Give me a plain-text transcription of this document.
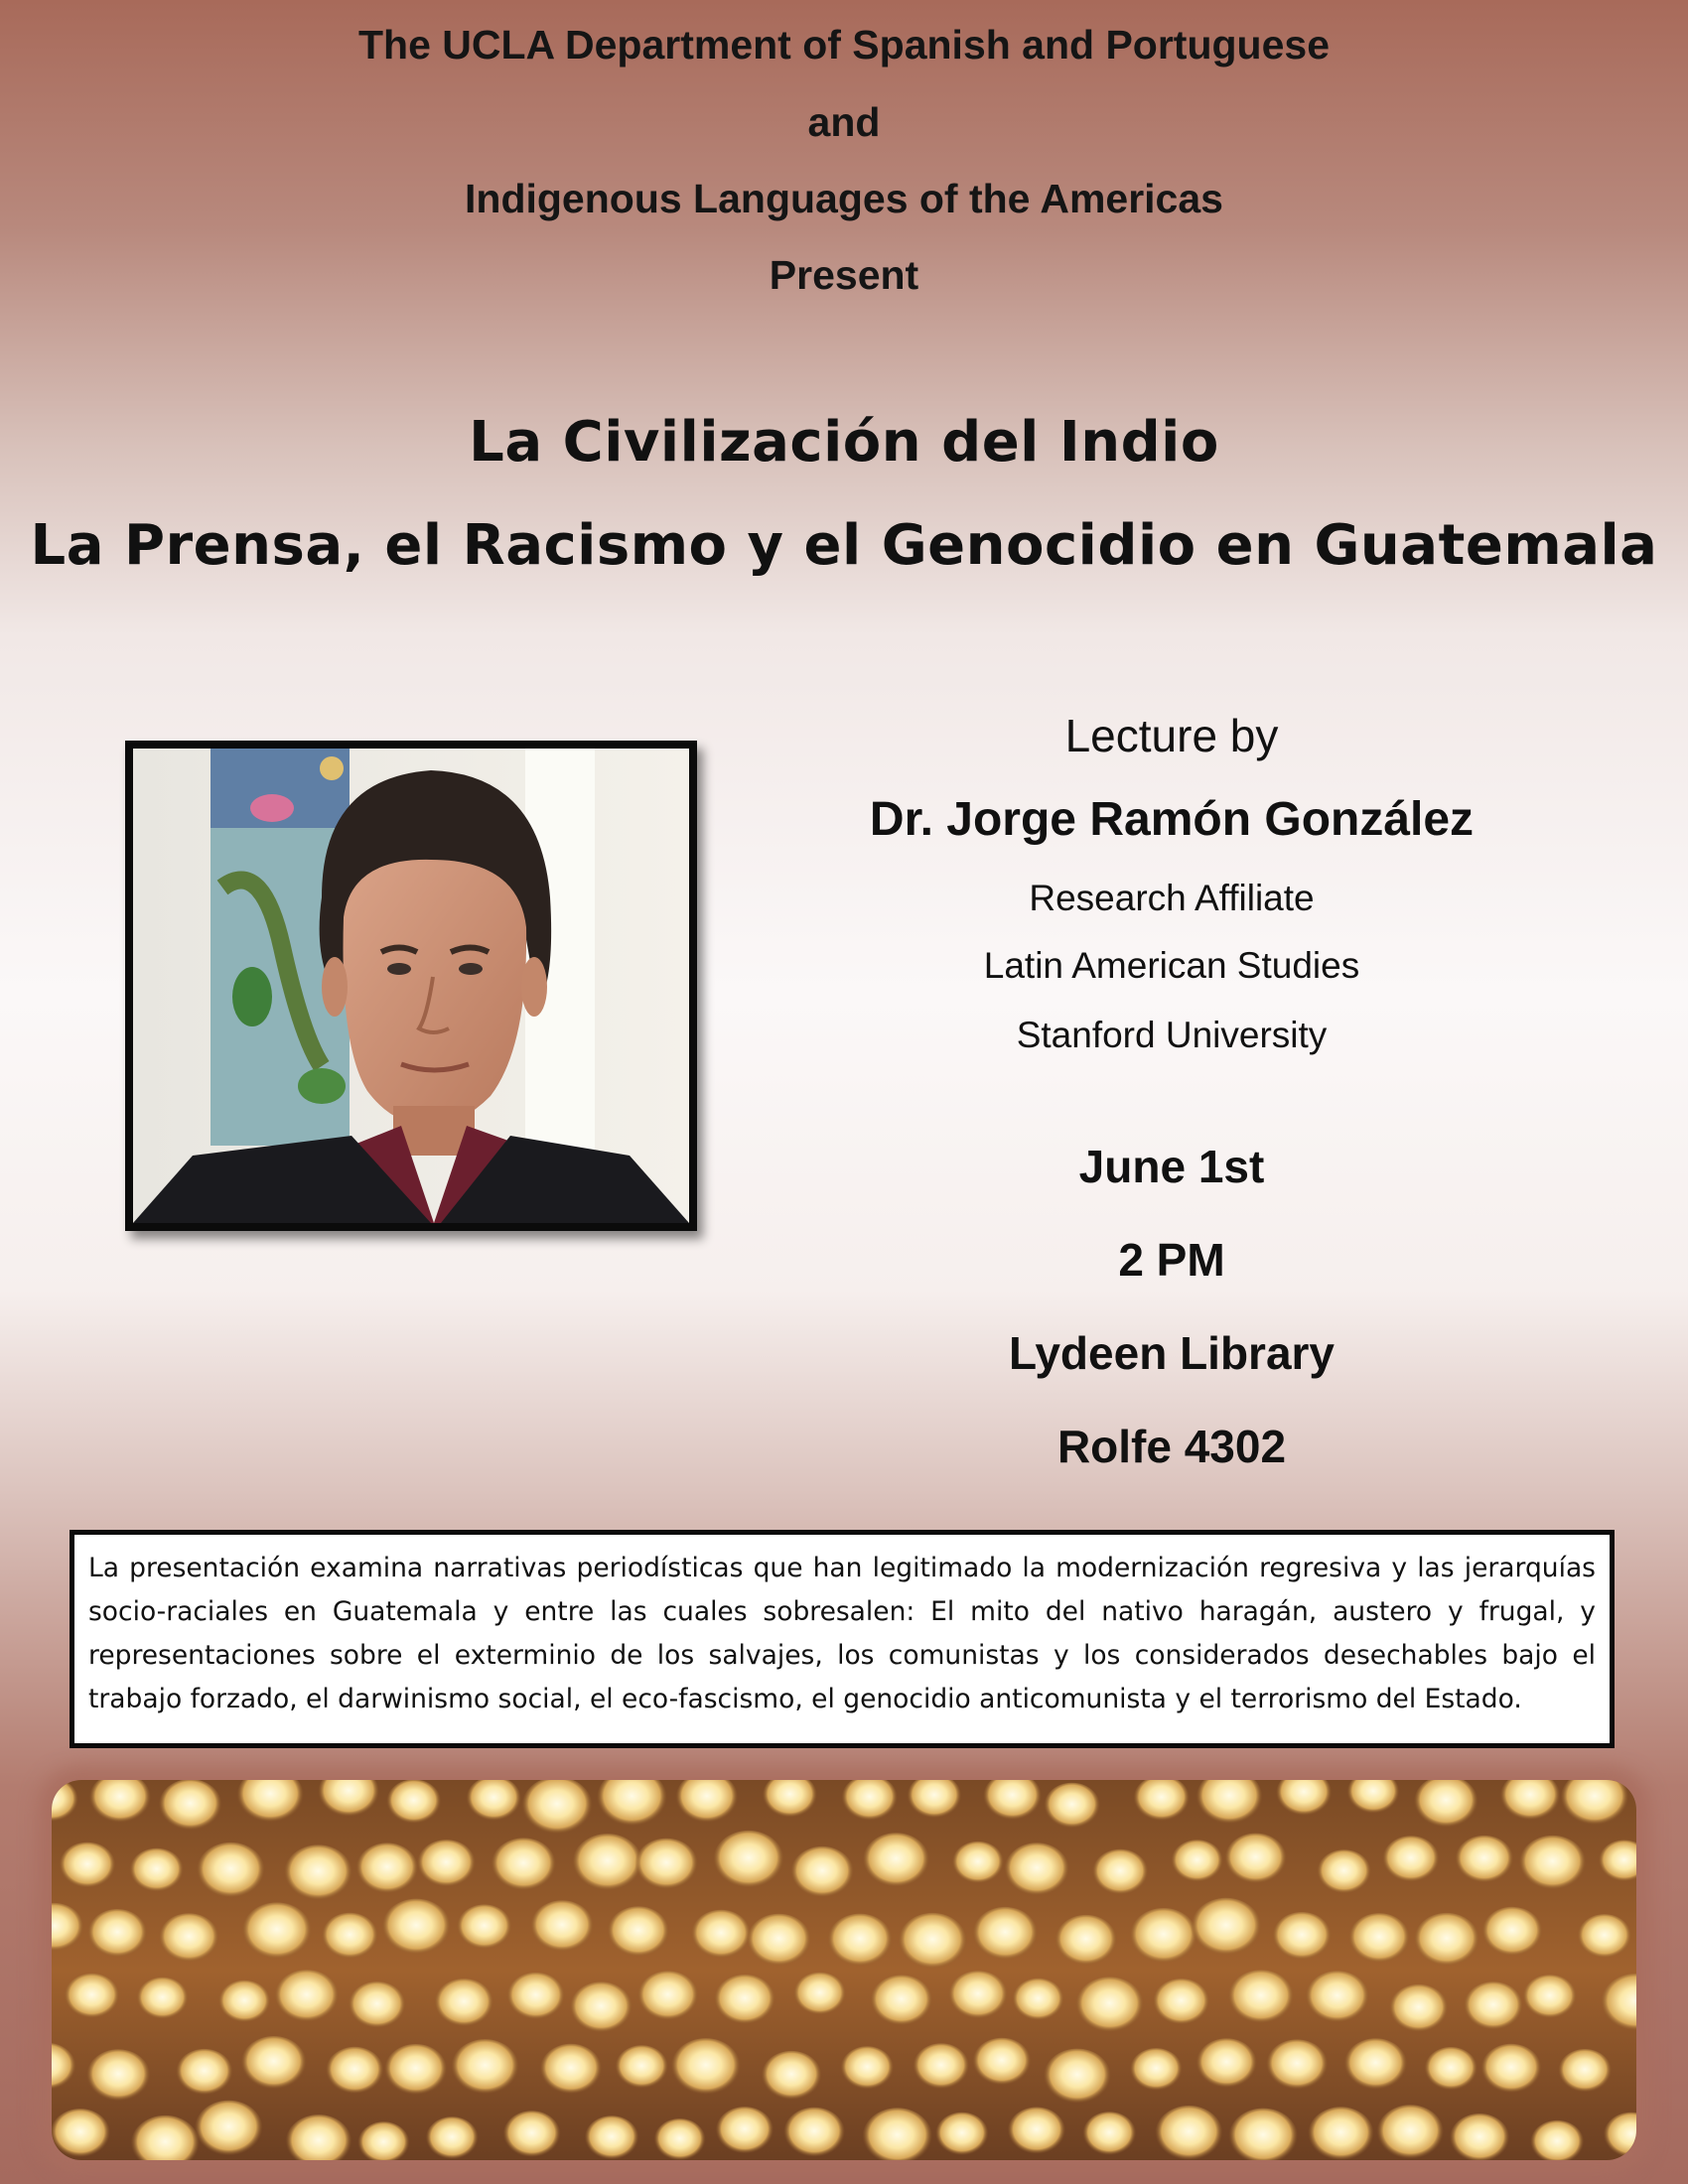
The UCLA Department of Spanish and Portuguese
and
Indigenous Languages of the Americas
Present
La Civilización del Indio
La Prensa, el Racismo y el Genocidio en Guatemala
Lecture by
Dr. Jorge Ramón González
Research Affiliate
Latin American Studies
Stanford University
June 1st
2 PM
Lydeen Library
Rolfe 4302
La presentación examina narrativas periodísticas que han legitimado la modernización regresiva y las jerarquías socio-raciales en Guatemala y entre las cuales sobresalen: El mito del nativo haragán, austero y frugal, y representaciones sobre el exterminio de los salvajes, los comunistas y los considerados desechables bajo el trabajo forzado, el darwinismo social, el eco-fascismo, el genocidio anticomunista y el terrorismo del Estado.
